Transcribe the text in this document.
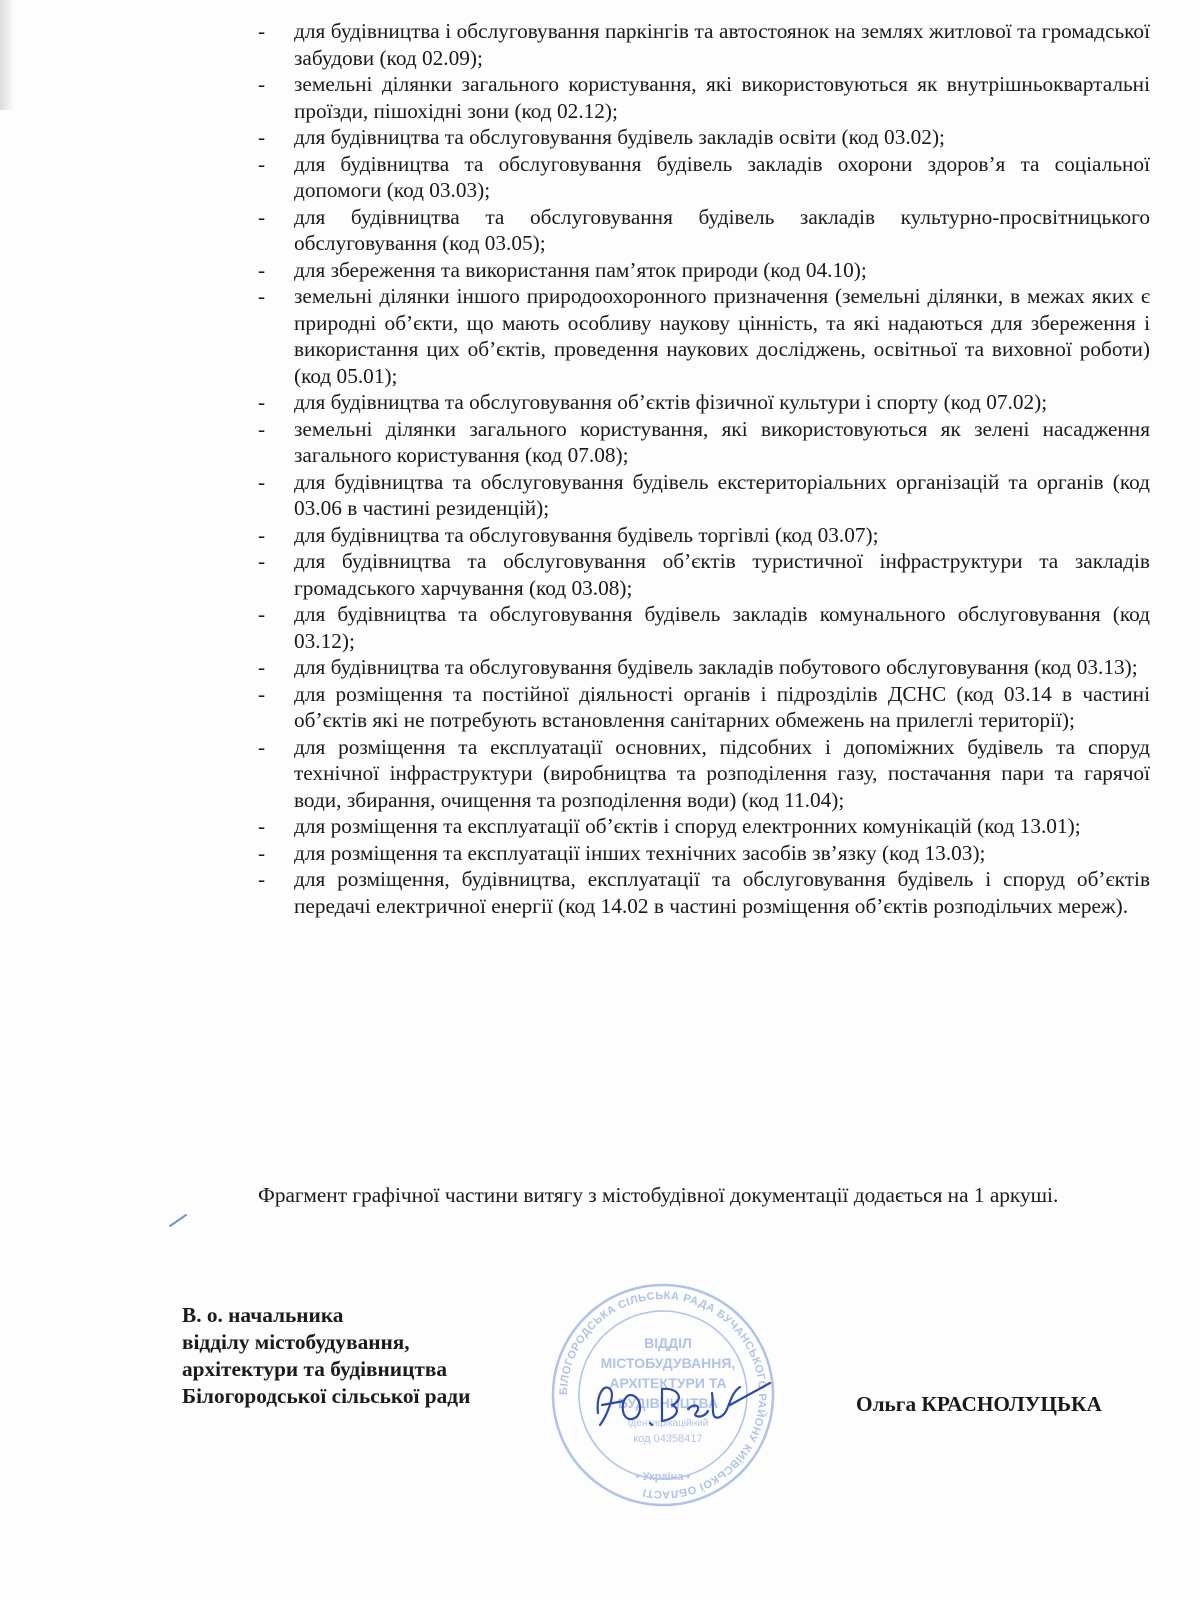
- для будівництва і обслуговування паркінгів та автостоянок на землях житлової та громадської забудови (код 02.09);
- земельні ділянки загального користування, які використовуються як внутрішньоквартальні проїзди, пішохідні зони (код 02.12);
- для будівництва та обслуговування будівель закладів освіти (код 03.02);
- для будівництва та обслуговування будівель закладів охорони здоров’я та соціальної допомоги (код 03.03);
- для будівництва та обслуговування будівель закладів культурно-просвітницького обслуговування (код 03.05);
- для збереження та використання пам’яток природи (код 04.10);
- земельні ділянки іншого природоохоронного призначення (земельні ділянки, в межах яких є природні об’єкти, що мають особливу наукову цінність, та які надаються для збереження і використання цих об’єктів, проведення наукових досліджень, освітньої та виховної роботи) (код 05.01);
- для будівництва та обслуговування об’єктів фізичної культури і спорту (код 07.02);
- земельні ділянки загального користування, які використовуються як зелені насадження загального користування (код 07.08);
- для будівництва та обслуговування будівель екстериторіальних організацій та органів (код 03.06 в частині резиденцій);
- для будівництва та обслуговування будівель торгівлі (код 03.07);
- для будівництва та обслуговування об’єктів туристичної інфраструктури та закладів громадського харчування (код 03.08);
- для будівництва та обслуговування будівель закладів комунального обслуговування (код 03.12);
- для будівництва та обслуговування будівель закладів побутового обслуговування (код 03.13);
- для розміщення та постійної діяльності органів і підрозділів ДСНС (код 03.14 в частині об’єктів які не потребують встановлення санітарних обмежень на прилеглі території);
- для розміщення та експлуатації основних, підсобних і допоміжних будівель та споруд технічної інфраструктури (виробництва та розподілення газу, постачання пари та гарячої води, збирання, очищення та розподілення води) (код 11.04);
- для розміщення та експлуатації об’єктів і споруд електронних комунікацій (код 13.01);
- для розміщення та експлуатації інших технічних засобів зв’язку (код 13.03);
- для розміщення, будівництва, експлуатації та обслуговування будівель і споруд об’єктів передачі електричної енергії (код 14.02 в частині розміщення об’єктів розподільчих мереж).

Фрагмент графічної частини витягу з містобудівної документації додається на 1 аркуші.

В. о. начальника
відділу містобудування,
архітектури та будівництва
Білогородської сільської ради	БІЛОГОРОДСЬКА СІЛЬСЬКА РАДА БУЧАНСЬКОГО РАЙОНУ КИЇВСЬКОЇ ОБЛАСТІ
ВІДДІЛ
МІСТОБУДУВАННЯ,
АРХІТЕКТУРИ ТА
БУДІВНИЦТВА
Ідентифікаційний
код 04358417
• Україна •
Ольга КРАСНОЛУЦЬКА
